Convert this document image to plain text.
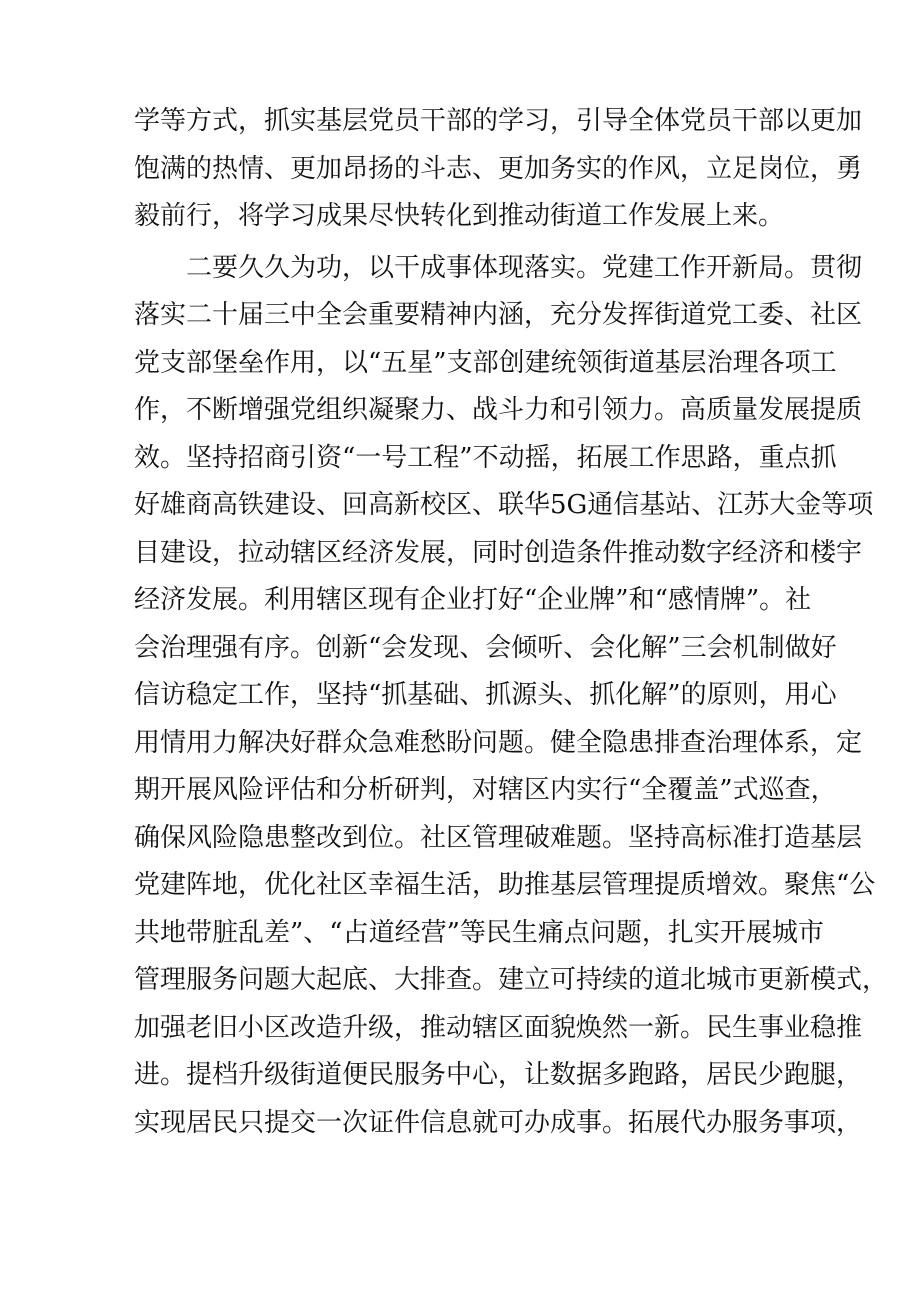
学等方式，抓实基层党员干部的学习，引导全体党员干部以更加
饱满的热情、更加昂扬的斗志、更加务实的作风，立足岗位，勇
毅前行，将学习成果尽快转化到推动街道工作发展上来。
二要久久为功，以干成事体现落实。党建工作开新局。贯彻
落实二十届三中全会重要精神内涵，充分发挥街道党工委、社区
党支部堡垒作用，以“五星”支部创建统领街道基层治理各项工
作，不断增强党组织凝聚力、战斗力和引领力。高质量发展提质
效。坚持招商引资“一号工程”不动摇，拓展工作思路，重点抓
好雄商高铁建设、回高新校区、联华5G通信基站、江苏大金等项
目建设，拉动辖区经济发展，同时创造条件推动数字经济和楼宇
经济发展。利用辖区现有企业打好“企业牌”和“感情牌”。社
会治理强有序。创新“会发现、会倾听、会化解”三会机制做好
信访稳定工作，坚持“抓基础、抓源头、抓化解”的原则，用心
用情用力解决好群众急难愁盼问题。健全隐患排查治理体系，定
期开展风险评估和分析研判，对辖区内实行“全覆盖”式巡查，
确保风险隐患整改到位。社区管理破难题。坚持高标准打造基层
党建阵地，优化社区幸福生活，助推基层管理提质增效。聚焦“公
共地带脏乱差”、“占道经营”等民生痛点问题，扎实开展城市
管理服务问题大起底、大排查。建立可持续的道北城市更新模式，
加强老旧小区改造升级，推动辖区面貌焕然一新。民生事业稳推
进。提档升级街道便民服务中心，让数据多跑路，居民少跑腿，
实现居民只提交一次证件信息就可办成事。拓展代办服务事项，
